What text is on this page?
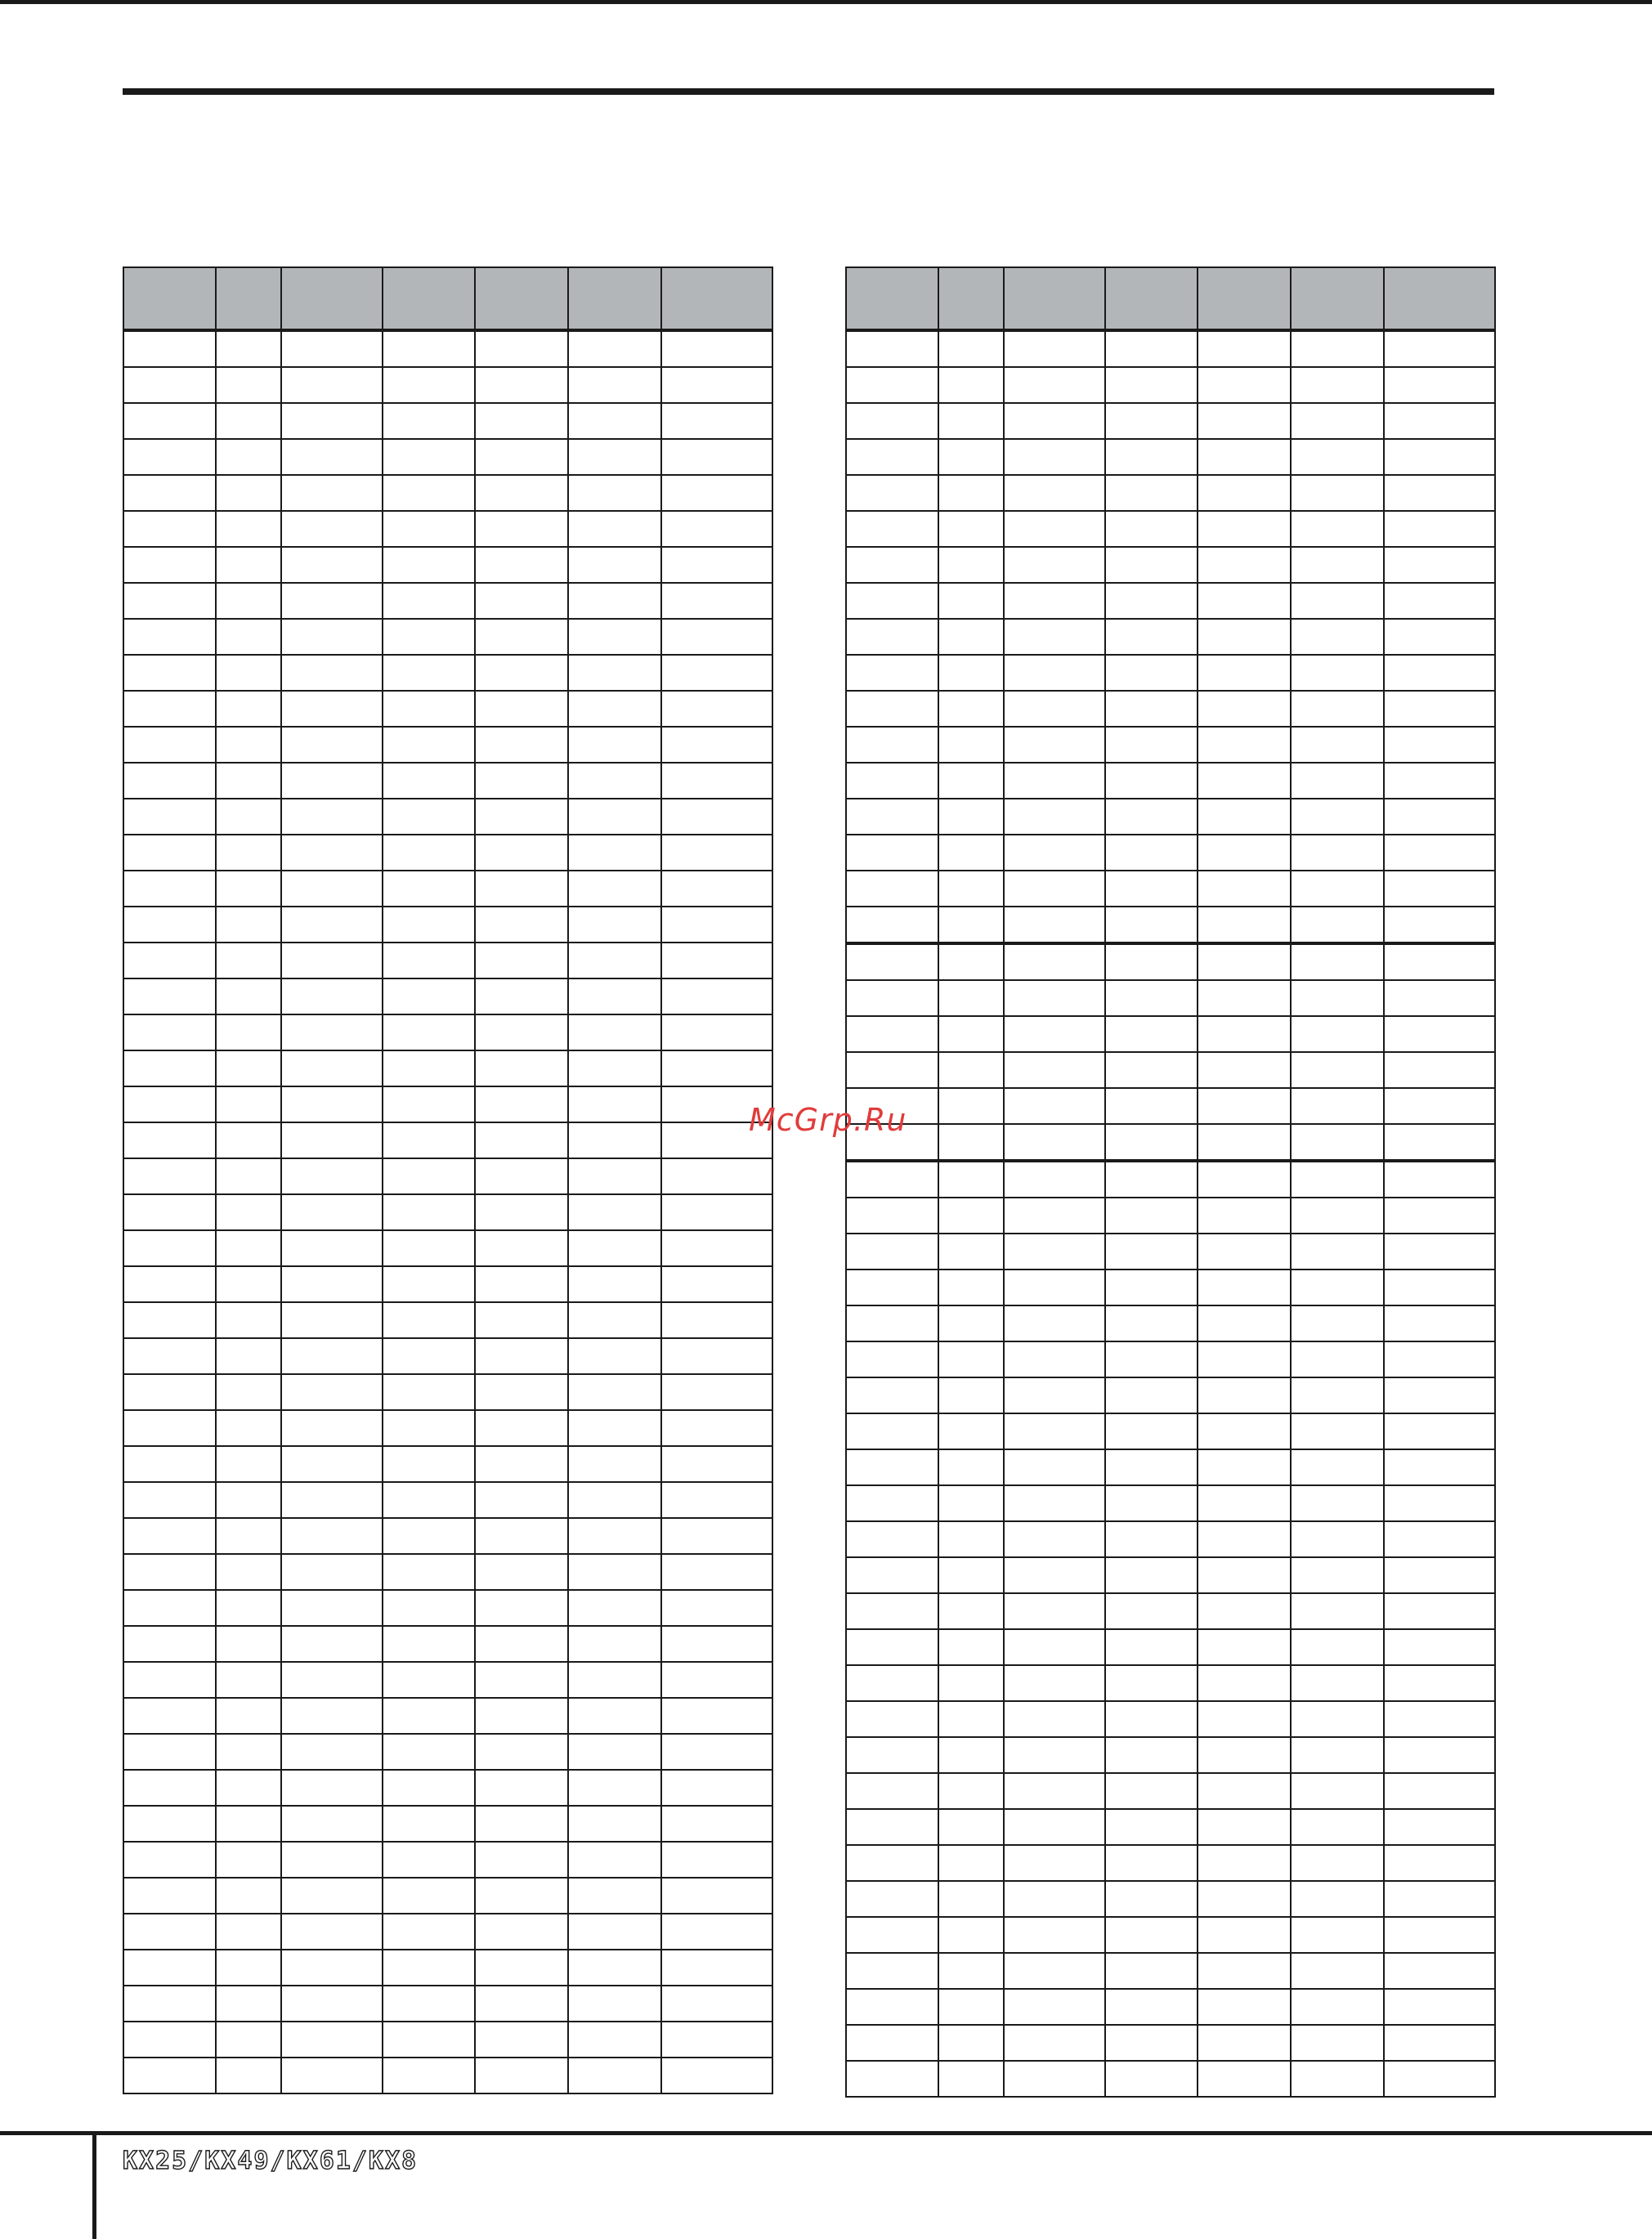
McGrp.Ru
KX25/KX49/KX61/KX8
